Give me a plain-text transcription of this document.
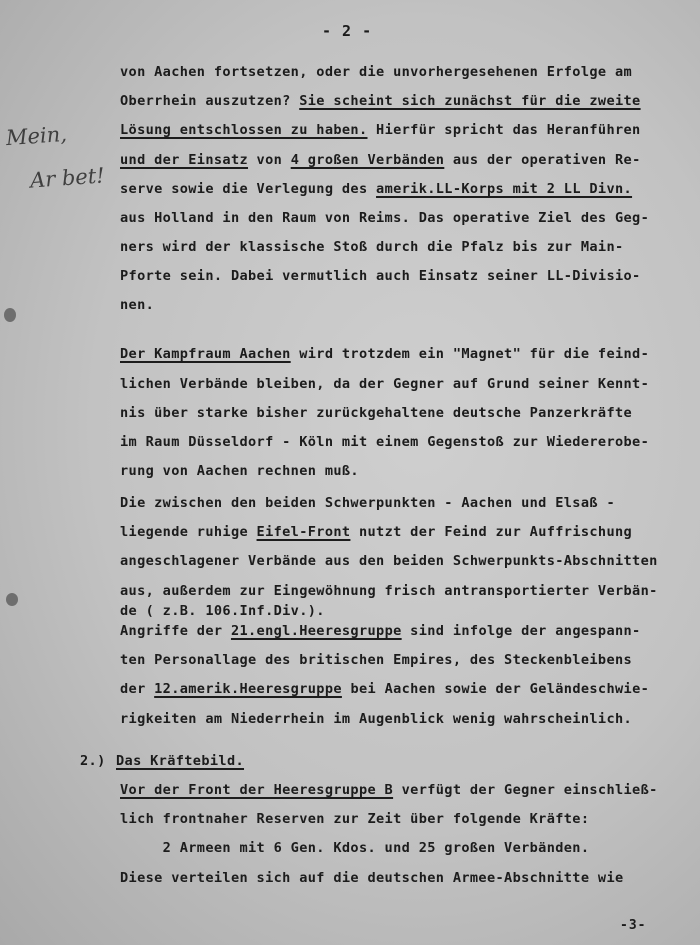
- 2 -
Mein,
Ar bet!
von Aachen fortsetzen, oder die unvorhergesehenen Erfolge am
Oberrhein auszutzen? Sie scheint sich zunächst für die zweite
Lösung entschlossen zu haben. Hierfür spricht das Heranführen
und der Einsatz von 4 großen Verbänden aus der operativen Re-
serve sowie die Verlegung des amerik.LL-Korps mit 2 LL Divn.
aus Holland in den Raum von Reims. Das operative Ziel des Geg-
ners wird der klassische Stoß durch die Pfalz bis zur Main-
Pforte sein. Dabei vermutlich auch Einsatz seiner LL-Divisio-
nen.
Der Kampfraum Aachen wird trotzdem ein "Magnet" für die feind-
lichen Verbände bleiben, da der Gegner auf Grund seiner Kennt-
nis über starke bisher zurückgehaltene deutsche Panzerkräfte
im Raum Düsseldorf - Köln mit einem Gegenstoß zur Wiedererobe-
rung von Aachen rechnen muß.
Die zwischen den beiden Schwerpunkten - Aachen und Elsaß -
liegende ruhige Eifel-Front nutzt der Feind zur Auffrischung
angeschlagener Verbände aus den beiden Schwerpunkts-Abschnitten
aus, außerdem zur Eingewöhnung frisch antransportierter Verbän-
de ( z.B. 106.Inf.Div.).
Angriffe der 21.engl.Heeresgruppe sind infolge der angespann-
ten Personallage des britischen Empires, des Steckenbleibens
der 12.amerik.Heeresgruppe bei Aachen sowie der Geländeschwie-
rigkeiten am Niederrhein im Augenblick wenig wahrscheinlich.
Das Kräftebild.
Vor der Front der Heeresgruppe B verfügt der Gegner einschließ-
lich frontnaher Reserven zur Zeit über folgende Kräfte:
2 Armeen mit 6 Gen. Kdos. und 25 großen Verbänden.
Diese verteilen sich auf die deutschen Armee-Abschnitte wie
2.)
-3-
